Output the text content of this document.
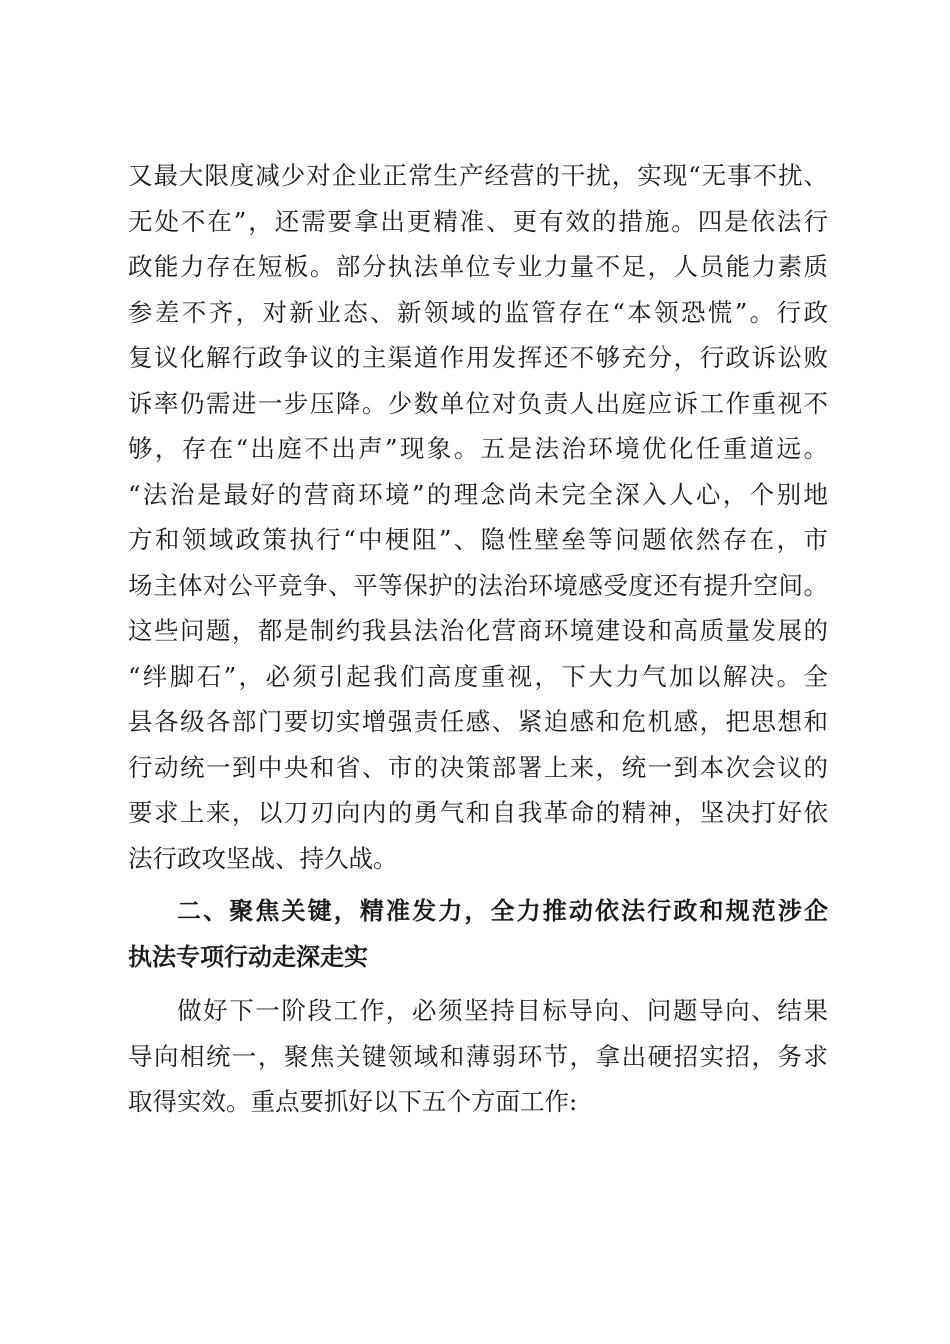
又最大限度减少对企业正常生产经营的干扰，实现“无事不扰、
无处不在”，还需要拿出更精准、更有效的措施。四是依法行
政能力存在短板。部分执法单位专业力量不足，人员能力素质
参差不齐，对新业态、新领域的监管存在“本领恐慌”。行政
复议化解行政争议的主渠道作用发挥还不够充分，行政诉讼败
诉率仍需进一步压降。少数单位对负责人出庭应诉工作重视不
够，存在“出庭不出声”现象。五是法治环境优化任重道远。
“法治是最好的营商环境”的理念尚未完全深入人心，个别地
方和领域政策执行“中梗阻”、隐性壁垒等问题依然存在，市
场主体对公平竞争、平等保护的法治环境感受度还有提升空间。
这些问题，都是制约我县法治化营商环境建设和高质量发展的
“绊脚石”，必须引起我们高度重视，下大力气加以解决。全
县各级各部门要切实增强责任感、紧迫感和危机感，把思想和
行动统一到中央和省、市的决策部署上来，统一到本次会议的
要求上来，以刀刃向内的勇气和自我革命的精神，坚决打好依
法行政攻坚战、持久战。
二、聚焦关键，精准发力，全力推动依法行政和规范涉企
执法专项行动走深走实
做好下一阶段工作，必须坚持目标导向、问题导向、结果
导向相统一，聚焦关键领域和薄弱环节，拿出硬招实招，务求
取得实效。重点要抓好以下五个方面工作:
